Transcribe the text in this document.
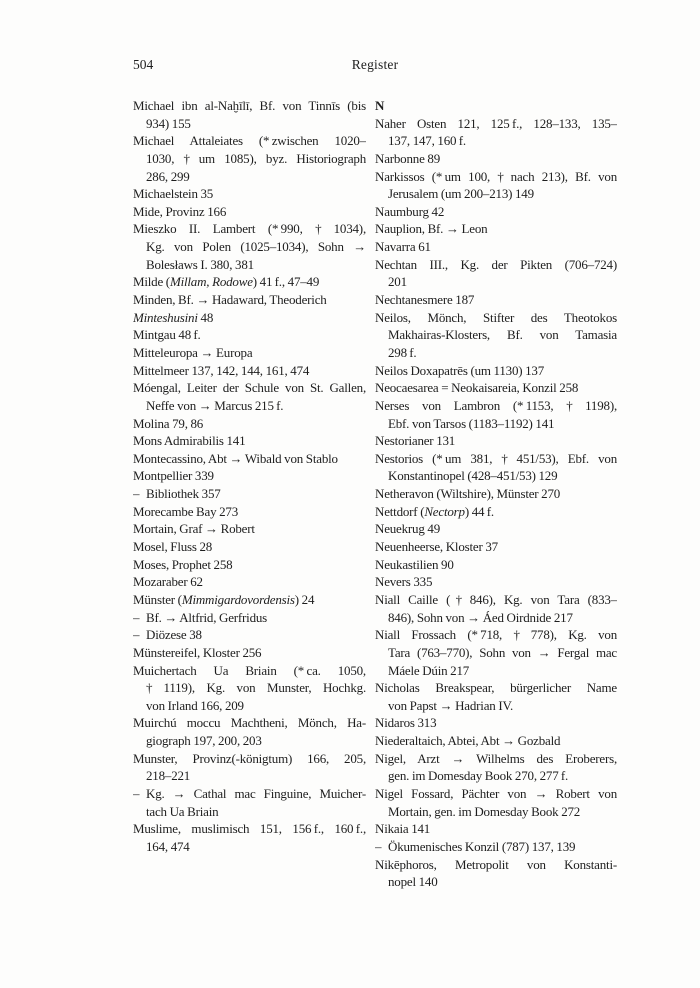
504	Register
Michael ibn al-Naḫīlī, Bf. von Tinnīs (bis
934) 155
Michael Attaleiates (* zwischen 1020–
1030, † um 1085), byz. Historiograph
286, 299
Michaelstein 35
Mide, Provinz 166
Mieszko II. Lambert (* 990, † 1034),
Kg. von Polen (1025–1034), Sohn →
Bolesławs I. 380, 381
Milde (Millam, Rodowe) 41 f., 47–49
Minden, Bf. → Hadaward, Theoderich
Minteshusini 48
Mintgau 48 f.
Mitteleuropa → Europa
Mittelmeer 137, 142, 144, 161, 474
Móengal, Leiter der Schule von St. Gallen,
Neffe von → Marcus 215 f.
Molina 79, 86
Mons Admirabilis 141
Montecassino, Abt → Wibald von Stablo
Montpellier 339
– Bibliothek 357
Morecambe Bay 273
Mortain, Graf → Robert
Mosel, Fluss 28
Moses, Prophet 258
Mozaraber 62
Münster (Mimmigardovordensis) 24
– Bf. → Altfrid, Gerfridus
– Diözese 38
Münstereifel, Kloster 256
Muichertach Ua Briain (* ca. 1050,
† 1119), Kg. von Munster, Hochkg.
von Irland 166, 209
Muirchú moccu Machtheni, Mönch, Ha-
giograph 197, 200, 203
Munster, Provinz(-königtum) 166, 205,
218–221
– Kg. → Cathal mac Finguine, Muicher-
tach Ua Briain
Muslime, muslimisch 151, 156 f., 160 f.,
164, 474
N
Naher Osten 121, 125 f., 128–133, 135–
137, 147, 160 f.
Narbonne 89
Narkissos (* um 100, † nach 213), Bf. von
Jerusalem (um 200–213) 149
Naumburg 42
Nauplion, Bf. → Leon
Navarra 61
Nechtan III., Kg. der Pikten (706–724)
201
Nechtanesmere 187
Neilos, Mönch, Stifter des Theotokos
Makhairas-Klosters, Bf. von Tamasia
298 f.
Neilos Doxapatrēs (um 1130) 137
Neocaesarea = Neokaisareia, Konzil 258
Nerses von Lambron (* 1153, † 1198),
Ebf. von Tarsos (1183–1192) 141
Nestorianer 131
Nestorios (* um 381, † 451/53), Ebf. von
Konstantinopel (428–451/53) 129
Netheravon (Wiltshire), Münster 270
Nettdorf (Nectorp) 44 f.
Neuekrug 49
Neuenheerse, Kloster 37
Neukastilien 90
Nevers 335
Niall Caille († 846), Kg. von Tara (833–
846), Sohn von → Áed Oirdnide 217
Niall Frossach (* 718, † 778), Kg. von
Tara (763–770), Sohn von → Fergal mac
Máele Dúin 217
Nicholas Breakspear, bürgerlicher Name
von Papst → Hadrian IV.
Nidaros 313
Niederaltaich, Abtei, Abt → Gozbald
Nigel, Arzt → Wilhelms des Eroberers,
gen. im Domesday Book 270, 277 f.
Nigel Fossard, Pächter von → Robert von
Mortain, gen. im Domesday Book 272
Nikaia 141
– Ökumenisches Konzil (787) 137, 139
Nikēphoros, Metropolit von Konstanti-
nopel 140
